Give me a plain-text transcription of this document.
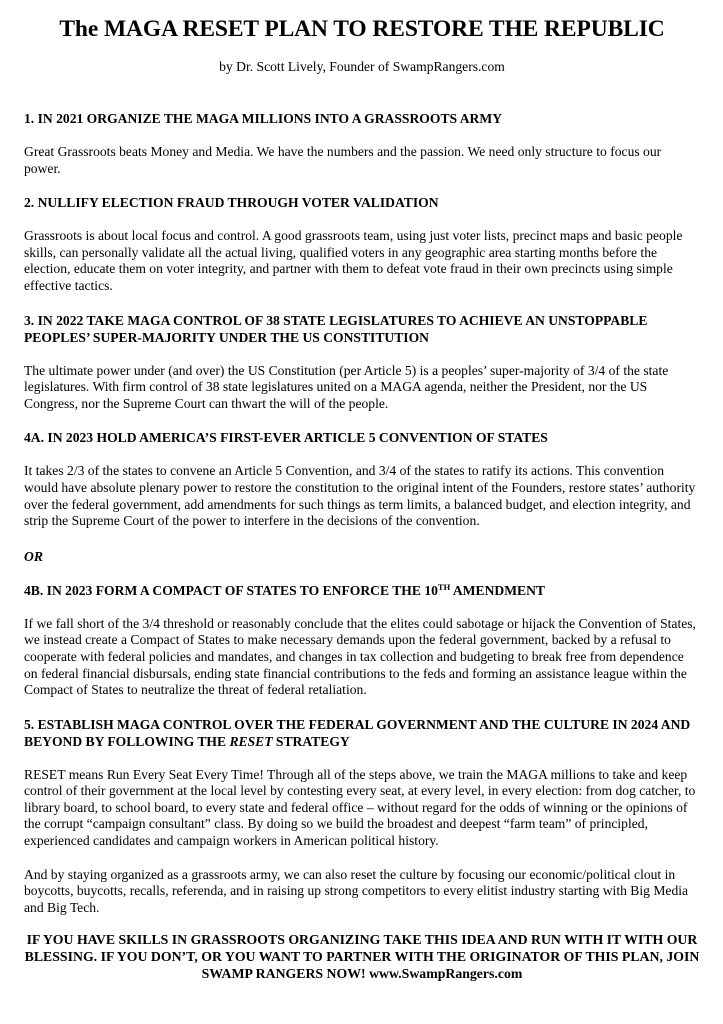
The MAGA RESET PLAN TO RESTORE THE REPUBLIC
by Dr. Scott Lively, Founder of SwampRangers.com
1. IN 2021 ORGANIZE THE MAGA MILLIONS INTO A GRASSROOTS ARMY

Great Grassroots beats Money and Media. We have the numbers and the passion. We need only structure to focus our power.

2. NULLIFY ELECTION FRAUD THROUGH VOTER VALIDATION

Grassroots is about local focus and control. A good grassroots team, using just voter lists, precinct maps and basic people skills, can personally validate all the actual living, qualified voters in any geographic area starting months before the election, educate them on voter integrity, and partner with them to defeat vote fraud in their own precincts using simple effective tactics.

3. IN 2022 TAKE MAGA CONTROL OF 38 STATE LEGISLATURES TO ACHIEVE AN UNSTOPPABLE PEOPLES’ SUPER-MAJORITY UNDER THE US CONSTITUTION

The ultimate power under (and over) the US Constitution (per Article 5) is a peoples’ super-majority of 3/4 of the state legislatures. With firm control of 38 state legislatures united on a MAGA agenda, neither the President, nor the US Congress, nor the Supreme Court can thwart the will of the people.

4A. IN 2023 HOLD AMERICA’S FIRST-EVER ARTICLE 5 CONVENTION OF STATES

It takes 2/3 of the states to convene an Article 5 Convention, and 3/4 of the states to ratify its actions. This convention would have absolute plenary power to restore the constitution to the original intent of the Founders, restore states’ authority over the federal government, add amendments for such things as term limits, a balanced budget, and election integrity, and strip the Supreme Court of the power to interfere in the decisions of the convention.

OR
4B. IN 2023 FORM A COMPACT OF STATES TO ENFORCE THE 10TH AMENDMENT

If we fall short of the 3/4 threshold or reasonably conclude that the elites could sabotage or hijack the Convention of States, we instead create a Compact of States to make necessary demands upon the federal government, backed by a refusal to cooperate with federal policies and mandates, and changes in tax collection and budgeting to break free from dependence on federal financial disbursals, ending state financial contributions to the feds and forming an assistance league within the Compact of States to neutralize the threat of federal retaliation.

5. ESTABLISH MAGA CONTROL OVER THE FEDERAL GOVERNMENT AND THE CULTURE IN 2024 AND BEYOND BY FOLLOWING THE RESET STRATEGY

RESET means Run Every Seat Every Time! Through all of the steps above, we train the MAGA millions to take and keep control of their government at the local level by contesting every seat, at every level, in every election: from dog catcher, to library board, to school board, to every state and federal office – without regard for the odds of winning or the opinions of the corrupt “campaign consultant” class. By doing so we build the broadest and deepest “farm team” of principled, experienced candidates and campaign workers in American political history.

And by staying organized as a grassroots army, we can also reset the culture by focusing our economic/political clout in boycotts, buycotts, recalls, referenda, and in raising up strong competitors to every elitist industry starting with Big Media and Big Tech.

IF YOU HAVE SKILLS IN GRASSROOTS ORGANIZING TAKE THIS IDEA AND RUN WITH IT WITH OUR BLESSING. IF YOU DON’T, OR YOU WANT TO PARTNER WITH THE ORIGINATOR OF THIS PLAN, JOIN SWAMP RANGERS NOW! www.SwampRangers.com
